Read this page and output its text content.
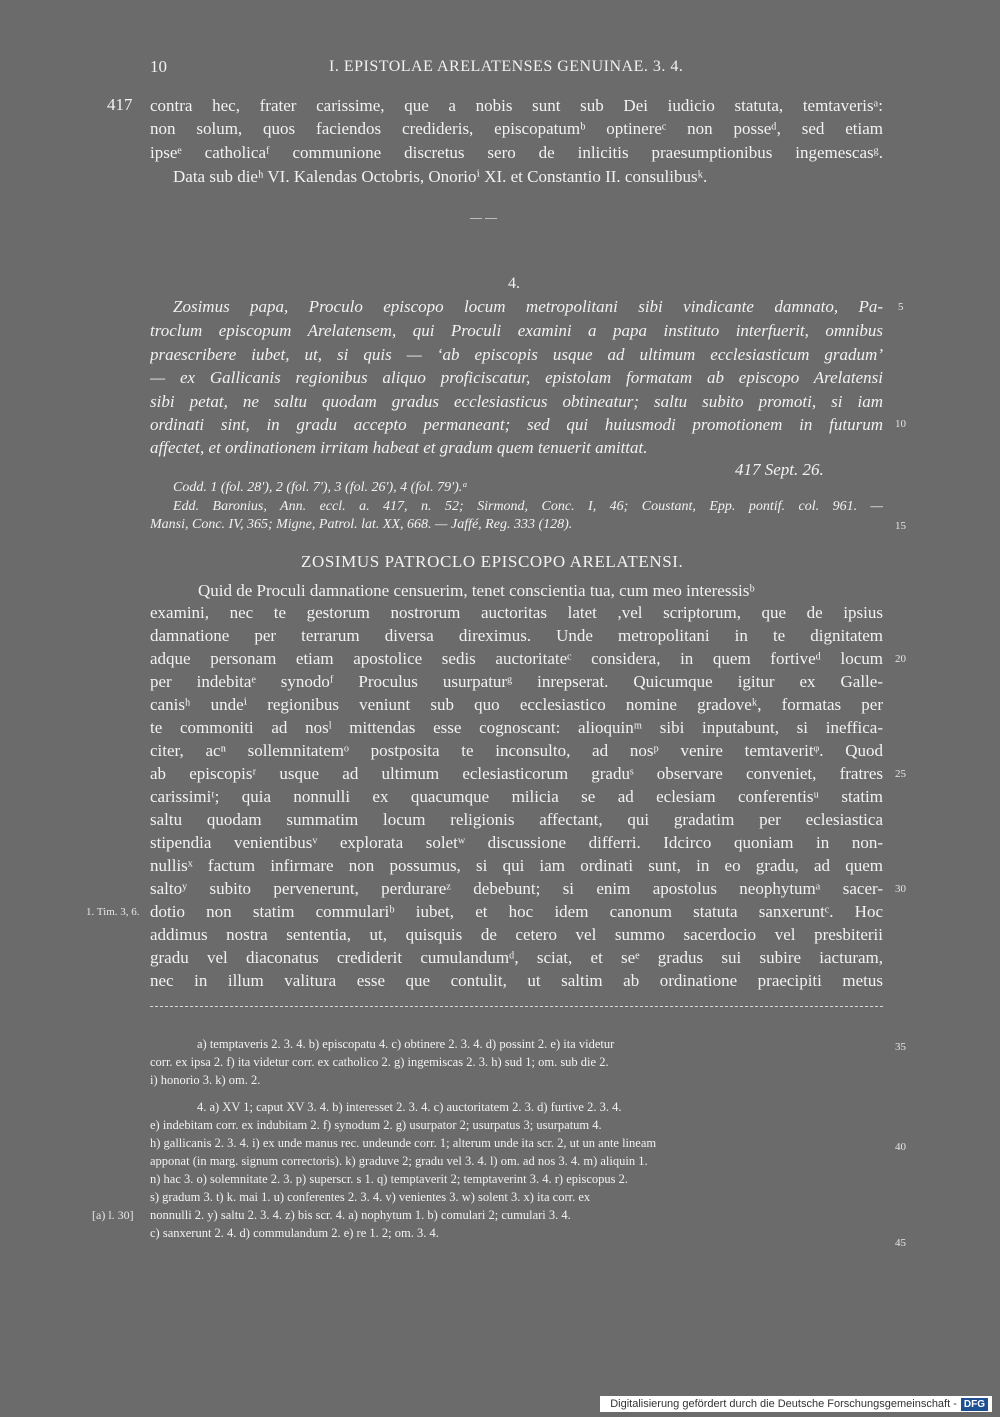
10	I. EPISTOLAE ARELATENSES GENUINAE. 3. 4.
417 contra hec, frater carissime, que a nobis sunt sub Dei iudicio statuta, temtaverisᵃ:
non solum, quos faciendos credideris, episcopatumᵇ optinereᶜ non posseᵈ, sed etiam
ipseᵉ catholicaᶠ communione discretus sero de inlicitis praesumptionibus ingemescasᵍ.
Data sub dieʰ VI. Kalendas Octobris, Onorioⁱ XI. et Constantio II. consulibusᵏ.
— —
4.
Zosimus papa, Proculo episcopo locum metropolitani sibi vindicante damnato, Pa-
troclum episcopum Arelatensem, qui Proculi examini a papa instituto interfuerit, omnibus
praescribere iubet, ut, si quis — ‘ab episcopis usque ad ultimum ecclesiasticum gradum’
— ex Gallicanis regionibus aliquo proficiscatur, epistolam formatam ab episcopo Arelatensi
sibi petat, ne saltu quodam gradus ecclesiasticus obtineatur; saltu subito promoti, si iam
ordinati sint, in gradu accepto permaneant; sed qui huiusmodi promotionem in futurum
affectet, et ordinationem irritam habeat et gradum quem tenuerit amittat.
417 Sept. 26.
Codd. 1 (fol. 28'), 2 (fol. 7'), 3 (fol. 26'), 4 (fol. 79').ᵃ
Edd. Baronius, Ann. eccl. a. 417, n. 52; Sirmond, Conc. I, 46; Coustant, Epp. pontif. col. 961. —
Mansi, Conc. IV, 365; Migne, Patrol. lat. XX, 668. — Jaffé, Reg. 333 (128).
ZOSIMUS PATROCLO EPISCOPO ARELATENSI.
Quid de Proculi damnatione censuerim, tenet conscientia tua, cum meo interessisᵇ
examini, nec te gestorum nostrorum auctoritas latet ,vel scriptorum, que de ipsius
damnatione per terrarum diversa direximus. Unde metropolitani in te dignitatem
adque personam etiam apostolice sedis auctoritateᶜ considera, in quem fortiveᵈ locum
per indebitaᵉ synodoᶠ Proculus usurpaturᵍ inrepserat. Quicumque igitur ex Galle-
canisʰ undeⁱ regionibus veniunt sub quo ecclesiastico nomine gradoveᵏ, formatas per
te commoniti ad nosˡ mittendas esse cognoscant: alioquinᵐ sibi inputabunt, si ineffica-
citer, acⁿ sollemnitatemᵒ postposita te inconsulto, ad nosᵖ venire temtaveritᵠ. Quod
ab episcopisʳ usque ad ultimum eclesiasticorum graduˢ observare conveniet, fratres
carissimiᵗ; quia nonnulli ex quacumque milicia se ad eclesiam conferentisᵘ statim
saltu quodam summatim locum religionis affectant, qui gradatim per eclesiastica
stipendia venientibusᵛ explorata soletʷ discussione differri. Idcirco quoniam in non-
nullisˣ factum infirmare non possumus, si qui iam ordinati sunt, in eo gradu, ad quem
saltoʸ subito pervenerunt, perdurareᶻ debebunt; si enim apostolus neophytumᵃ sacer-
dotio non statim commulariᵇ iubet, et hoc idem canonum statuta sanxeruntᶜ. Hoc
addimus nostra sententia, ut, quisquis de cetero vel summo sacerdocio vel presbiterii
gradu vel diaconatus crediderit cumulandumᵈ, sciat, et seᵉ gradus sui subire iacturam,
nec in illum valitura esse que contulit, ut saltim ab ordinatione praecipiti metus
1. Tim. 3, 6.
5
10
15
20
25
30
35
40
45
a) temptaveris 2. 3. 4. b) episcopatu 4. c) obtinere 2. 3. 4. d) possint 2. e) ita videtur
corr. ex ipsa 2. f) ita videtur corr. ex catholico 2. g) ingemiscas 2. 3. h) sud 1; om. sub die 2.
i) honorio 3. k) om. 2.
4. a) XV 1; caput XV 3. 4. b) interesset 2. 3. 4. c) auctoritatem 2. 3. d) furtive 2. 3. 4.
e) indebitam corr. ex indubitam 2. f) synodum 2. g) usurpator 2; usurpatus 3; usurpatum 4.
h) gallicanis 2. 3. 4. i) ex unde manus rec. undeunde corr. 1; alterum unde ita scr. 2, ut un ante lineam
apponat (in marg. signum correctoris). k) graduve 2; gradu vel 3. 4. l) om. ad nos 3. 4. m) aliquin 1.
n) hac 3. o) solemnitate 2. 3. p) superscr. s 1. q) temptaverit 2; temptaverint 3. 4. r) episcopus 2.
s) gradum 3. t) k. mai 1. u) conferentes 2. 3. 4. v) venientes 3. w) solent 3. x) ita corr. ex
nonnulli 2. y) saltu 2. 3. 4. z) bis scr. 4. a) nophytum 1. b) comulari 2; cumulari 3. 4.
c) sanxerunt 2. 4. d) commulandum 2. e) re 1. 2; om. 3. 4.
[a) l. 30]
Digitalisierung gefördert durch die Deutsche Forschungsgemeinschaft - DFG
